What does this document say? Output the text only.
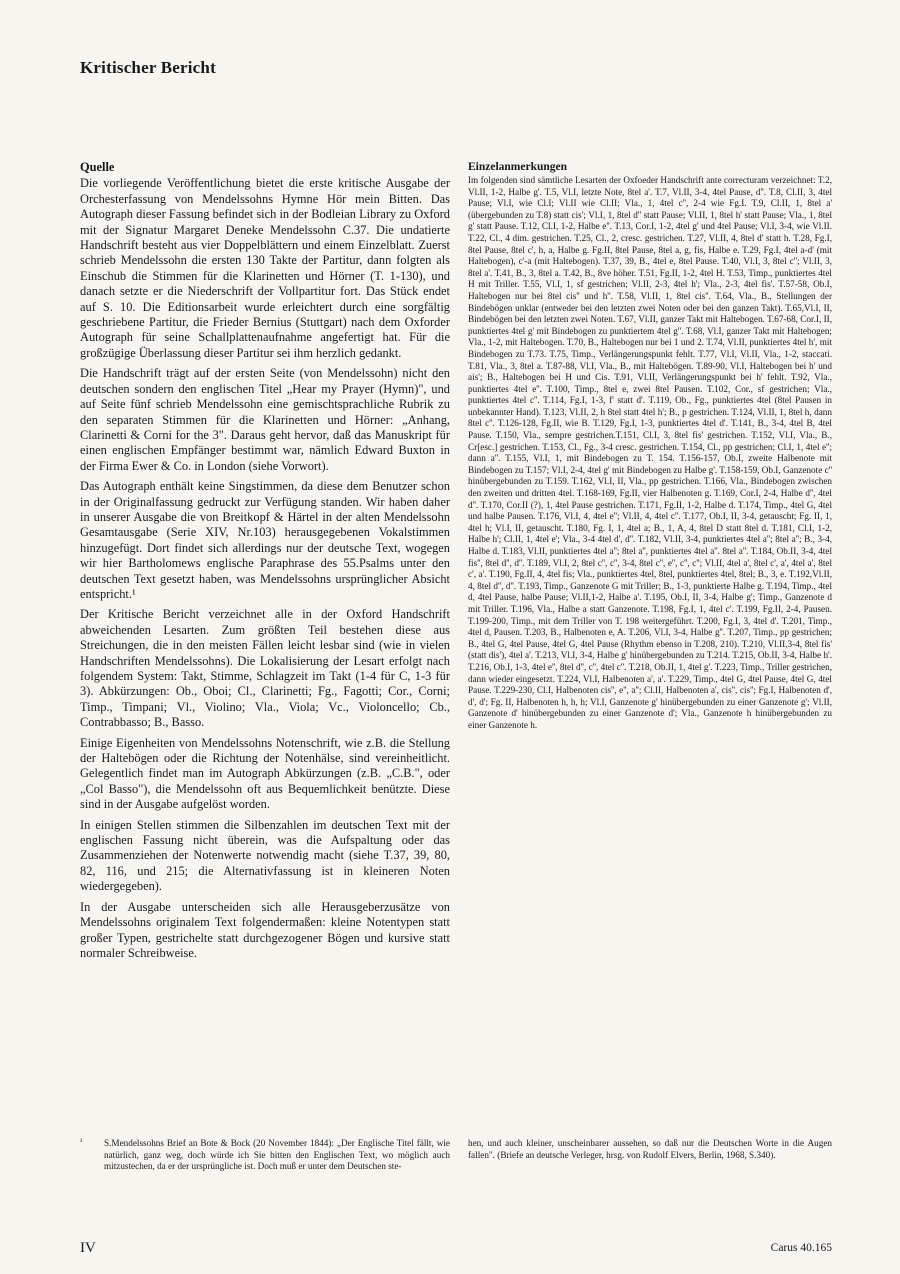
Kritischer Bericht
Quelle

Die vorliegende Veröffentlichung bietet die erste kritische Ausgabe der Orchesterfassung von Mendelssohns Hymne Hör mein Bitten. Das Autograph dieser Fassung befindet sich in der Bodleian Library zu Oxford mit der Signatur Margaret Deneke Mendelssohn C.37. Die undatierte Handschrift besteht aus vier Doppelblättern und einem Einzelblatt. Zuerst schrieb Mendelssohn die ersten 130 Takte der Partitur, dann folgten als Einschub die Stimmen für die Klarinetten und Hörner (T. 1-130), und danach setzte er die Niederschrift der Vollpartitur fort. Das Stück endet auf S. 10. Die Editionsarbeit wurde erleichtert durch eine sorgfältig geschriebene Partitur, die Frieder Bernius (Stuttgart) nach dem Oxforder Autograph für seine Schallplattenaufnahme angefertigt hat. Für die großzügige Überlassung dieser Partitur sei ihm herzlich gedankt.

Die Handschrift trägt auf der ersten Seite (von Mendelssohn) nicht den deutschen sondern den englischen Titel „Hear my Prayer (Hymn)", und auf Seite fünf schrieb Mendelssohn eine gemischtsprachliche Rubrik zu den separaten Stimmen für die Klarinetten und Hörner: „Anhang, Clarinetti & Corni for the 3". Daraus geht hervor, daß das Manuskript für einen englischen Empfänger bestimmt war, nämlich Edward Buxton in der Firma Ewer & Co. in London (siehe Vorwort).

Das Autograph enthält keine Singstimmen, da diese dem Benutzer schon in der Originalfassung gedruckt zur Verfügung standen. Wir haben daher in unserer Ausgabe die von Breitkopf & Härtel in der alten Mendelssohn Gesamtausgabe (Serie XIV, Nr.103) herausgegebenen Vokalstimmen hinzugefügt. Dort findet sich allerdings nur der deutsche Text, wogegen wir hier Bartholomews englische Paraphrase des 55.Psalms unter den deutschen Text gesetzt haben, was Mendelssohns ursprünglicher Absicht entspricht.¹

Der Kritische Bericht verzeichnet alle in der Oxford Handschrift abweichenden Lesarten. Zum größten Teil bestehen diese aus Streichungen, die in den meisten Fällen leicht lesbar sind (wie in vielen Handschriften Mendelssohns). Die Lokalisierung der Lesart erfolgt nach folgendem System: Takt, Stimme, Schlagzeit im Takt (1-4 für C, 1-3 für 3). Abkürzungen: Ob., Oboi; Cl., Clarinetti; Fg., Fagotti; Cor., Corni; Timp., Timpani; Vl., Violino; Vla., Viola; Vc., Violoncello; Cb., Contrabbasso; B., Basso.

Einige Eigenheiten von Mendelssohns Notenschrift, wie z.B. die Stellung der Haltebögen oder die Richtung der Notenhälse, sind vereinheitlicht. Gelegentlich findet man im Autograph Abkürzungen (z.B. „C.B.", oder „Col Basso"), die Mendelssohn oft aus Bequemlichkeit benützte. Diese sind in der Ausgabe aufgelöst worden.

In einigen Stellen stimmen die Silbenzahlen im deutschen Text mit der englischen Fassung nicht überein, was die Aufspaltung oder das Zusammenziehen der Notenwerte notwendig macht (siehe T.37, 39, 80, 82, 116, und 215; die Alternativfassung ist in kleineren Noten wiedergegeben).

In der Ausgabe unterscheiden sich alle Herausgeberzusätze von Mendelssohns originalem Text folgendermaßen: kleine Notentypen statt großer Typen, gestrichelte statt durchgezogener Bögen und kursive statt normaler Schreibweise.

Einzelanmerkungen

Im folgenden sind sämtliche Lesarten der Oxfoeder Handschrift ante correcturam verzeichnet: T.2, Vl.II, 1-2, Halbe g'. T.5, Vl.I, letzte Note, 8tel a'. T.7, Vl.II, 3-4, 4tel Pause, d''. T.8, Cl.II, 3, 4tel Pause; Vl.I, wie Cl.I; Vl.II wie Cl.II; Vla., 1, 4tel c'', 2-4 wie Fg.I. T.9, Cl.II, 1, 8tel a' (übergebunden zu T.8) statt cis'; Vl.I, 1, 8tel d'' statt Pause; Vl.II, 1, 8tel h' statt Pause; Vla., 1, 8tel g' statt Pause. T.12, Cl.I, 1-2, Halbe e''. T.13, Cor.I, 1-2, 4tel g' und 4tel Pause; Vl.I, 3-4, wie Vl.II. T.22, Cl., 4 dim. gestrichen. T.25, Cl., 2, cresc. gestrichen. T.27, Vl.II, 4, 8tel d' statt h. T.28, Fg.I, 8tel Pause, 8tel c', h, a, Halbe g. Fg.II, 8tel Pause, 8tel a, g, fis, Halbe e. T.29, Fg.I, 4tel a-d' (mit Haltebogen), c'-a (mit Haltebogen). T.37, 39, B., 4tel e, 8tel Pause. T.40, Vl.I, 3, 8tel c''; Vl.II, 3, 8tel a'. T.41, B., 3, 8tel a. T.42, B., 8ve höher. T.51, Fg.II, 1-2, 4tel H. T.53, Timp., punktiertes 4tel H mit Triller. T.55, Vl.I, 1, sf gestrichen; Vl.II, 2-3, 4tel h'; Vla., 2-3, 4tel fis'. T.57-58, Ob.I, Haltebogen nur bei 8tel cis'' und h''. T.58, Vl.II, 1, 8tel cis''. T.64, Vla., B., Stellungen der Bindebögen unklar (entweder bei den letzten zwei Noten oder bei den ganzen Takt). T.65,Vl.I, II, Bindebögen bei den letzten zwei Noten. T.67, Vl.II, ganzer Takt mit Haltebogen. T.67-68, Cor.I, II, punktiertes 4tel g' mit Bindebogen zu punktiertem 4tel g''. T.68, Vl.I, ganzer Takt mit Haltebogen; Vla., 1-2, mit Haltebogen. T.70, B., Haltebogen nur bei 1 und 2. T.74, Vl.II, punktiertes 4tel h', mit Bindebogen zu T.73. T.75, Timp., Verlängerungspunkt fehlt. T.77, Vl.I, Vl.II, Vla., 1-2, staccati. T.81, Vla., 3, 8tel a. T.87-88, Vl.I, Vla., B., mit Haltebögen. T.89-90, Vl.I, Haltebogen bei h' und ais'; B., Haltebogen bei H und Cis. T.91, Vl.II, Verlängerungspunkt bei h' fehlt. T.92, Vla., punktiertes 4tel e''. T.100, Timp., 8tel e, zwei 8tel Pausen. T.102, Cor., sf gestrichen; Vla., punktiertes 4tel c''. T.114, Fg.I, 1-3, f' statt d'. T.119, Ob., Fg., punktiertes 4tel (8tel Pausen in unbekannter Hand). T.123, Vl.II, 2, h 8tel statt 4tel h'; B., p gestrichen. T.124, Vl.II, 1, 8tel h, dann 8tel c''. T.126-128, Fg.II, wie B. T.129, Fg.I, 1-3, punktiertes 4tel d'. T.141, B., 3-4, 4tel B, 4tel Pause. T.150, Vla., sempre gestrichen.T.151, Cl.I, 3, 8tel fis' gestrichen. T.152, Vl.I, Vla., B., Cr[esc.] gestrichen. T.153, Cl., Fg., 3-4 cresc. gestrichen. T.154, Cl., pp gestrichen; Cl.I, 1, 4tel e''; dann a''. T.155, Vl.I, 1, mit Bindebogen zu T. 154. T.156-157, Ob.I, zweite Halbenote mit Bindebogen zu T.157; Vl.I, 2-4, 4tel g' mit Bindebogen zu Halbe g'. T.158-159, Ob.I, Ganzenote c'' hinübergebunden zu T.159. T.162, Vl.I, II, Vla., pp gestrichen. T.166, Vla., Bindebogen zwischen den zweiten und dritten 4tel. T.168-169, Fg.II, vier Halbenoten g. T.169, Cor.I, 2-4, Halbe d'', 4tel d''. T.170, Cor.II (?), 1, 4tel Pause gestrichen. T.171, Fg.II, 1-2, Halbe d. T.174, Timp., 4tel G, 4tel und halbe Pausen. T.176, Vl.I, 4, 4tel e''; Vl.II, 4, 4tel c''. T.177, Ob.I, II, 3-4, getauscht; Fg. II, 1, 4tel h; Vl.I, II, getauscht. T.180, Fg. I, 1, 4tel a; B., 1, A, 4, 8tel D statt 8tel d. T.181, Cl.I, 1-2, Halbe h'; Cl.II, 1, 4tel e'; Vla., 3-4 4tel d', d''. T.182, Vl.II, 3-4, punktiertes 4tel a''; 8tel a''; B., 3-4, Halbe d. T.183, Vl.II, punktiertes 4tel a''; 8tel a'', punktiertes 4tel a''. 8tel a''. T.184, Ob.II, 3-4, 4tel fis'', 8tel d'', d''. T.189, Vl.I, 2, 8tel c'', c'', 3-4, 8tel c'', e'', c'', c''; Vl.II, 4tel a', 8tel c', a', 4tel a', 8tel c', a'. T.190, Fg.II, 4, 4tel fis; Vla., punktiertes 4tel, 8tel, punktiertes 4tel, 8tel; B., 3, e. T.192,Vl.II, 4, 8tel d'', d''. T.193, Timp., Ganzenote G mit Triller; B., 1-3, punktierte Halbe g. T.194, Timp., 4tel d, 4tel Pause, halbe Pause; Vl.II,1-2, Halbe a'. T.195, Ob.I, II, 3-4, Halbe g'; Timp., Ganzenote d mit Triller. T.196, Vla., Halbe a statt Ganzenote. T.198, Fg.I, 1, 4tel c'. T.199, Fg.II, 2-4, Pausen. T.199-200, Timp., mit dem Triller von T. 198 weitergeführt. T.200, Fg.I, 3, 4tel d'. T.201, Timp., 4tel d, Pausen. T.203, B., Halbenoten e, A. T.206, Vl.I, 3-4, Halbe g''. T.207, Timp., pp gestrichen; B., 4tel G, 4tel Pause, 4tel G, 4tel Pause (Rhythm ebenso in T.208, 210). T.210, Vl.II,3-4, 8tel fis' (statt dis'), 4tel a'. T.213, Vl.I, 3-4, Halbe g' hinübergebunden zu T.214. T.215, Ob.II, 3-4, Halbe h'. T.216, Ob.I, 1-3, 4tel e'', 8tel d'', c'', 4tel c''. T.218, Ob.II, 1, 4tel g'. T.223, Timp., Triller gestrichen, dann wieder eingesetzt. T.224, Vl.I, Halbenoten a', a'. T.229, Timp., 4tel G, 4tel Pause, 4tel G, 4tel Pause. T.229-230, Cl.I, Halbenoten cis'', e'', a''; Cl.II, Halbenoten a', cis'', cis''; Fg.I, Halbenoten d', d', d'; Fg. II, Halbenoten h, h, h; Vl.I, Ganzenote g' hinübergebunden zu einer Ganzenote g'; Vl.II, Ganzenote d' hinübergebunden zu einer Ganzenote d'; Vla., Ganzenote h hinübergebunden zu einer Ganzenote h.

¹ S.Mendelssohns Brief an Bote & Bock (20 November 1844): „Der Englische Titel fällt, wie natürlich, ganz weg, doch würde ich Sie bitten den Englischen Text, wo möglich auch mitzustechen, da er der ursprüngliche ist. Doch muß er unter dem Deutschen ste-
hen, und auch kleiner, unscheinbarer aussehen, so daß nur die Deutschen Worte in die Augen fallen". (Briefe an deutsche Verleger, hrsg. von Rudolf Elvers, Berlin, 1968, S.340).
IV	Carus 40.165
